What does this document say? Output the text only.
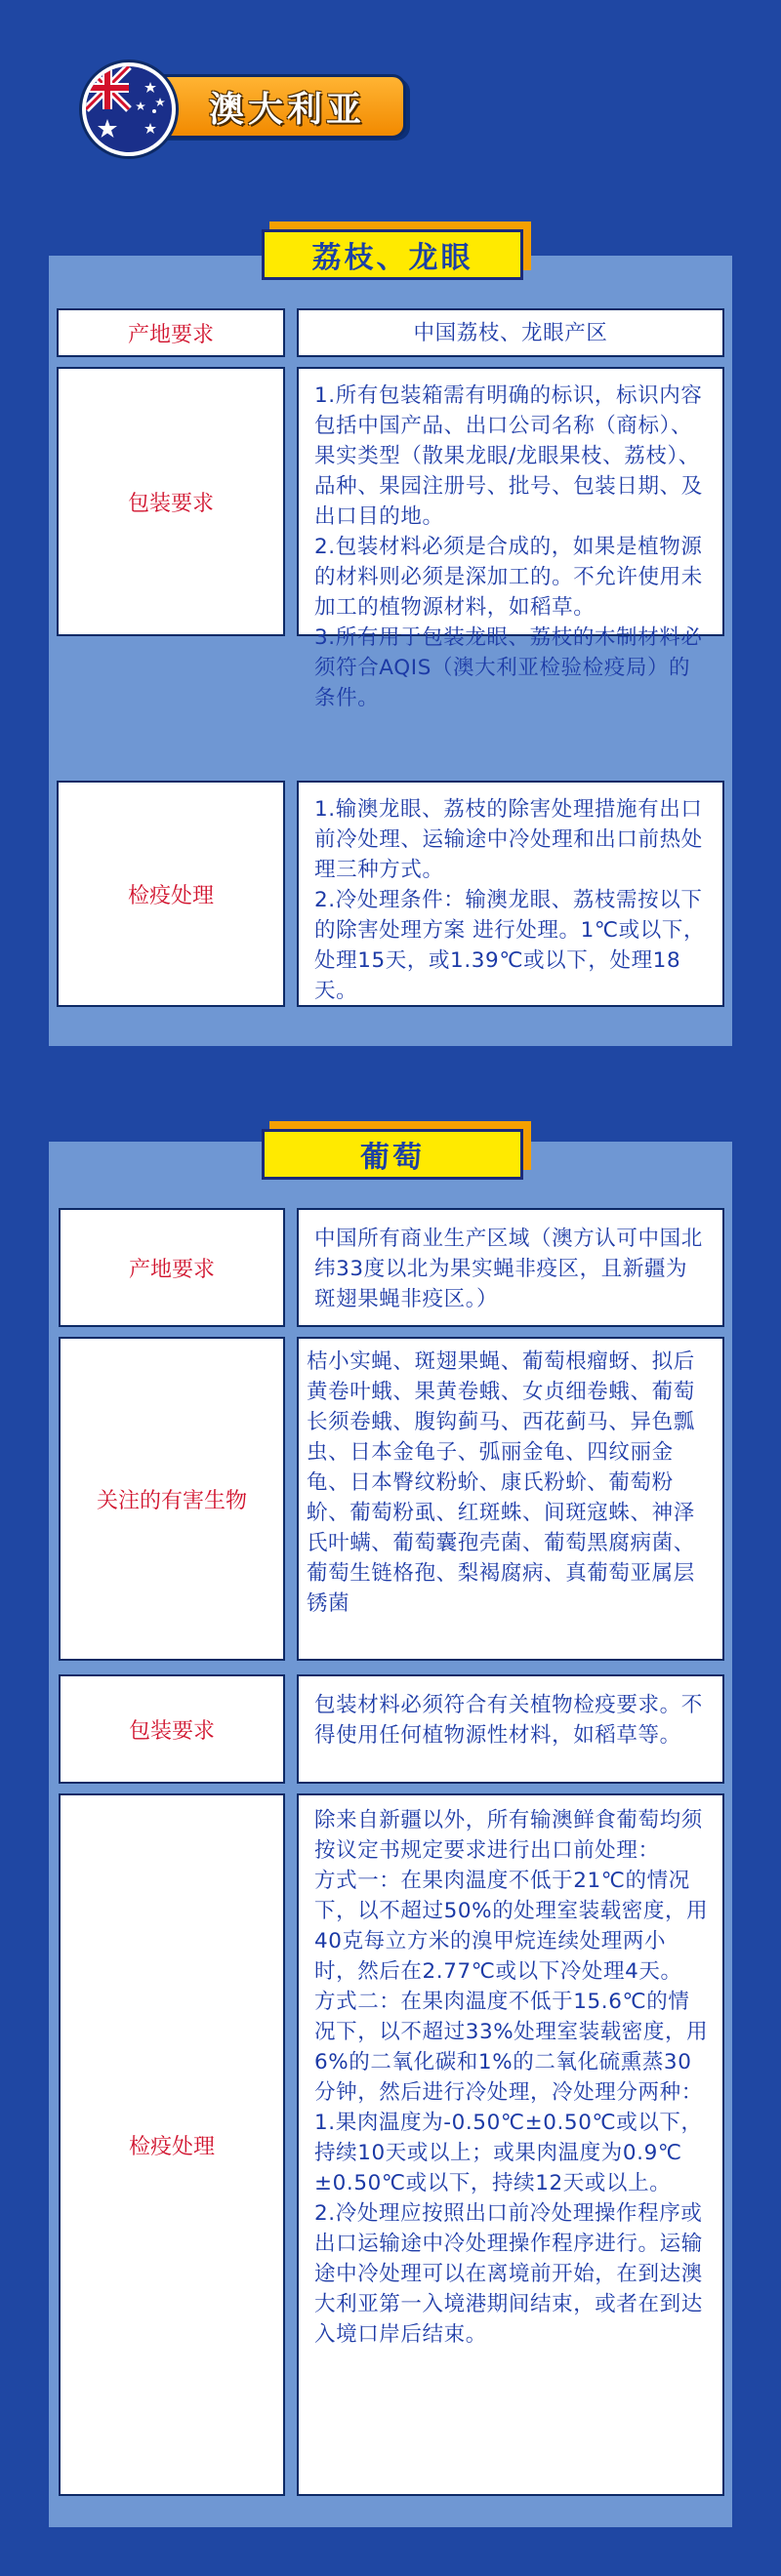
澳大利亚
荔枝、龙眼
产地要求	中国荔枝、龙眼产区
包装要求

1.所有包装箱需有明确的标识，标识内容包括中国产品、出口公司名称（商标）、果实类型（散果龙眼/龙眼果枝、荔枝）、品种、果园注册号、批号、包装日期、及出口目的地。

2.包装材料必须是合成的，如果是植物源的材料则必须是深加工的。不允许使用未加工的植物源材料，如稻草。

3.所有用于包装龙眼、荔枝的木制材料必须符合AQIS（澳大利亚检验检疫局）的条件。

检疫处理

1.输澳龙眼、荔枝的除害处理措施有出口前冷处理、运输途中冷处理和出口前热处理三种方式。

2.冷处理条件：输澳龙眼、荔枝需按以下的除害处理方案 进行处理。1℃或以下，处理15天，或1.39℃或以下，处理18天。

葡萄
产地要求

中国所有商业生产区域（澳方认可中国北纬33度以北为果实蝇非疫区，且新疆为斑翅果蝇非疫区。）

关注的有害生物

桔小实蝇、斑翅果蝇、葡萄根瘤蚜、拟后黄卷叶蛾、果黄卷蛾、女贞细卷蛾、葡萄长须卷蛾、腹钩蓟马、西花蓟马、异色瓢虫、日本金龟子、弧丽金龟、四纹丽金龟、日本臀纹粉蚧、康氏粉蚧、葡萄粉蚧、葡萄粉虱、红斑蛛、间斑寇蛛、神泽氏叶螨、葡萄囊孢壳菌、葡萄黑腐病菌、葡萄生链格孢、梨褐腐病、真葡萄亚属层锈菌

包装要求

包装材料必须符合有关植物检疫要求。不得使用任何植物源性材料，如稻草等。

检疫处理

除来自新疆以外，所有输澳鲜食葡萄均须按议定书规定要求进行出口前处理：

方式一：在果肉温度不低于21℃的情况下，以不超过50%的处理室装载密度，用40克每立方米的溴甲烷连续处理两小时，然后在2.77℃或以下冷处理4天。

方式二：在果肉温度不低于15.6℃的情况下，以不超过33%处理室装载密度，用6%的二氧化碳和1%的二氧化硫熏蒸30分钟，然后进行冷处理，冷处理分两种：

1.果肉温度为-0.50℃±0.50℃或以下，持续10天或以上；或果肉温度为0.9℃±0.50℃或以下，持续12天或以上。

2.冷处理应按照出口前冷处理操作程序或出口运输途中冷处理操作程序进行。运输途中冷处理可以在离境前开始，在到达澳大利亚第一入境港期间结束，或者在到达入境口岸后结束。
